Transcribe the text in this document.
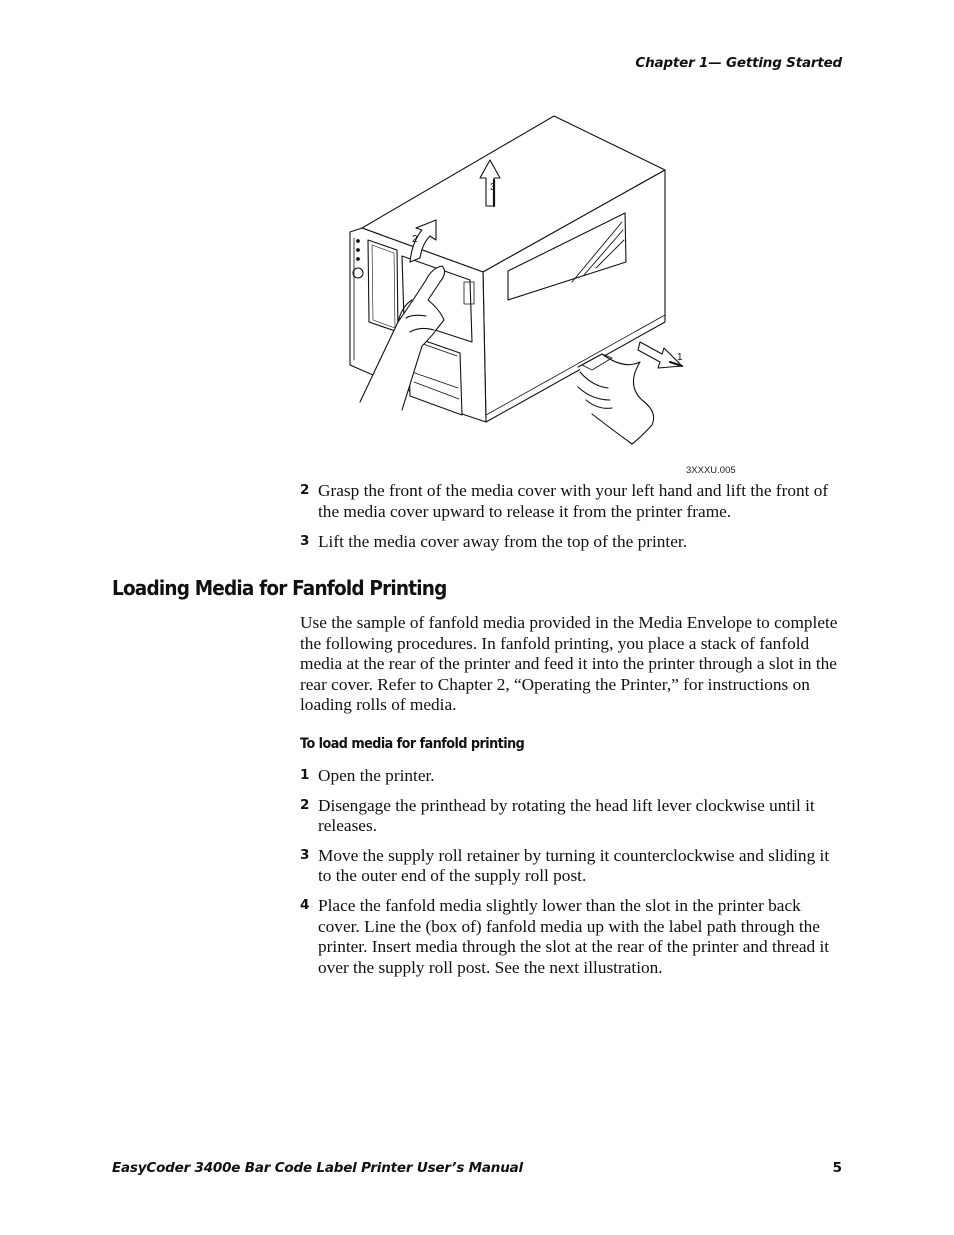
Chapter 1— Getting Started
1
2
3
3XXXU.005
2 Grasp the front of the media cover with your left hand and lift the front of the media cover upward to release it from the printer frame.
3 Lift the media cover away from the top of the printer.
Loading Media for Fanfold Printing

Use the sample of fanfold media provided in the Media Envelope to complete the following procedures. In fanfold printing, you place a stack of fanfold media at the rear of the printer and feed it into the printer through a slot in the rear cover. Refer to Chapter 2, “Operating the Printer,” for instructions on loading rolls of media.

To load media for fanfold printing
1 Open the printer.
2 Disengage the printhead by rotating the head lift lever clockwise until it releases.
3 Move the supply roll retainer by turning it counterclockwise and sliding it to the outer end of the supply roll post.
4 Place the fanfold media slightly lower than the slot in the printer back cover. Line the (box of) fanfold media up with the label path through the printer. Insert media through the slot at the rear of the printer and thread it over the supply roll post. See the next illustration.
EasyCoder 3400e Bar Code Label Printer User’s Manual	5
